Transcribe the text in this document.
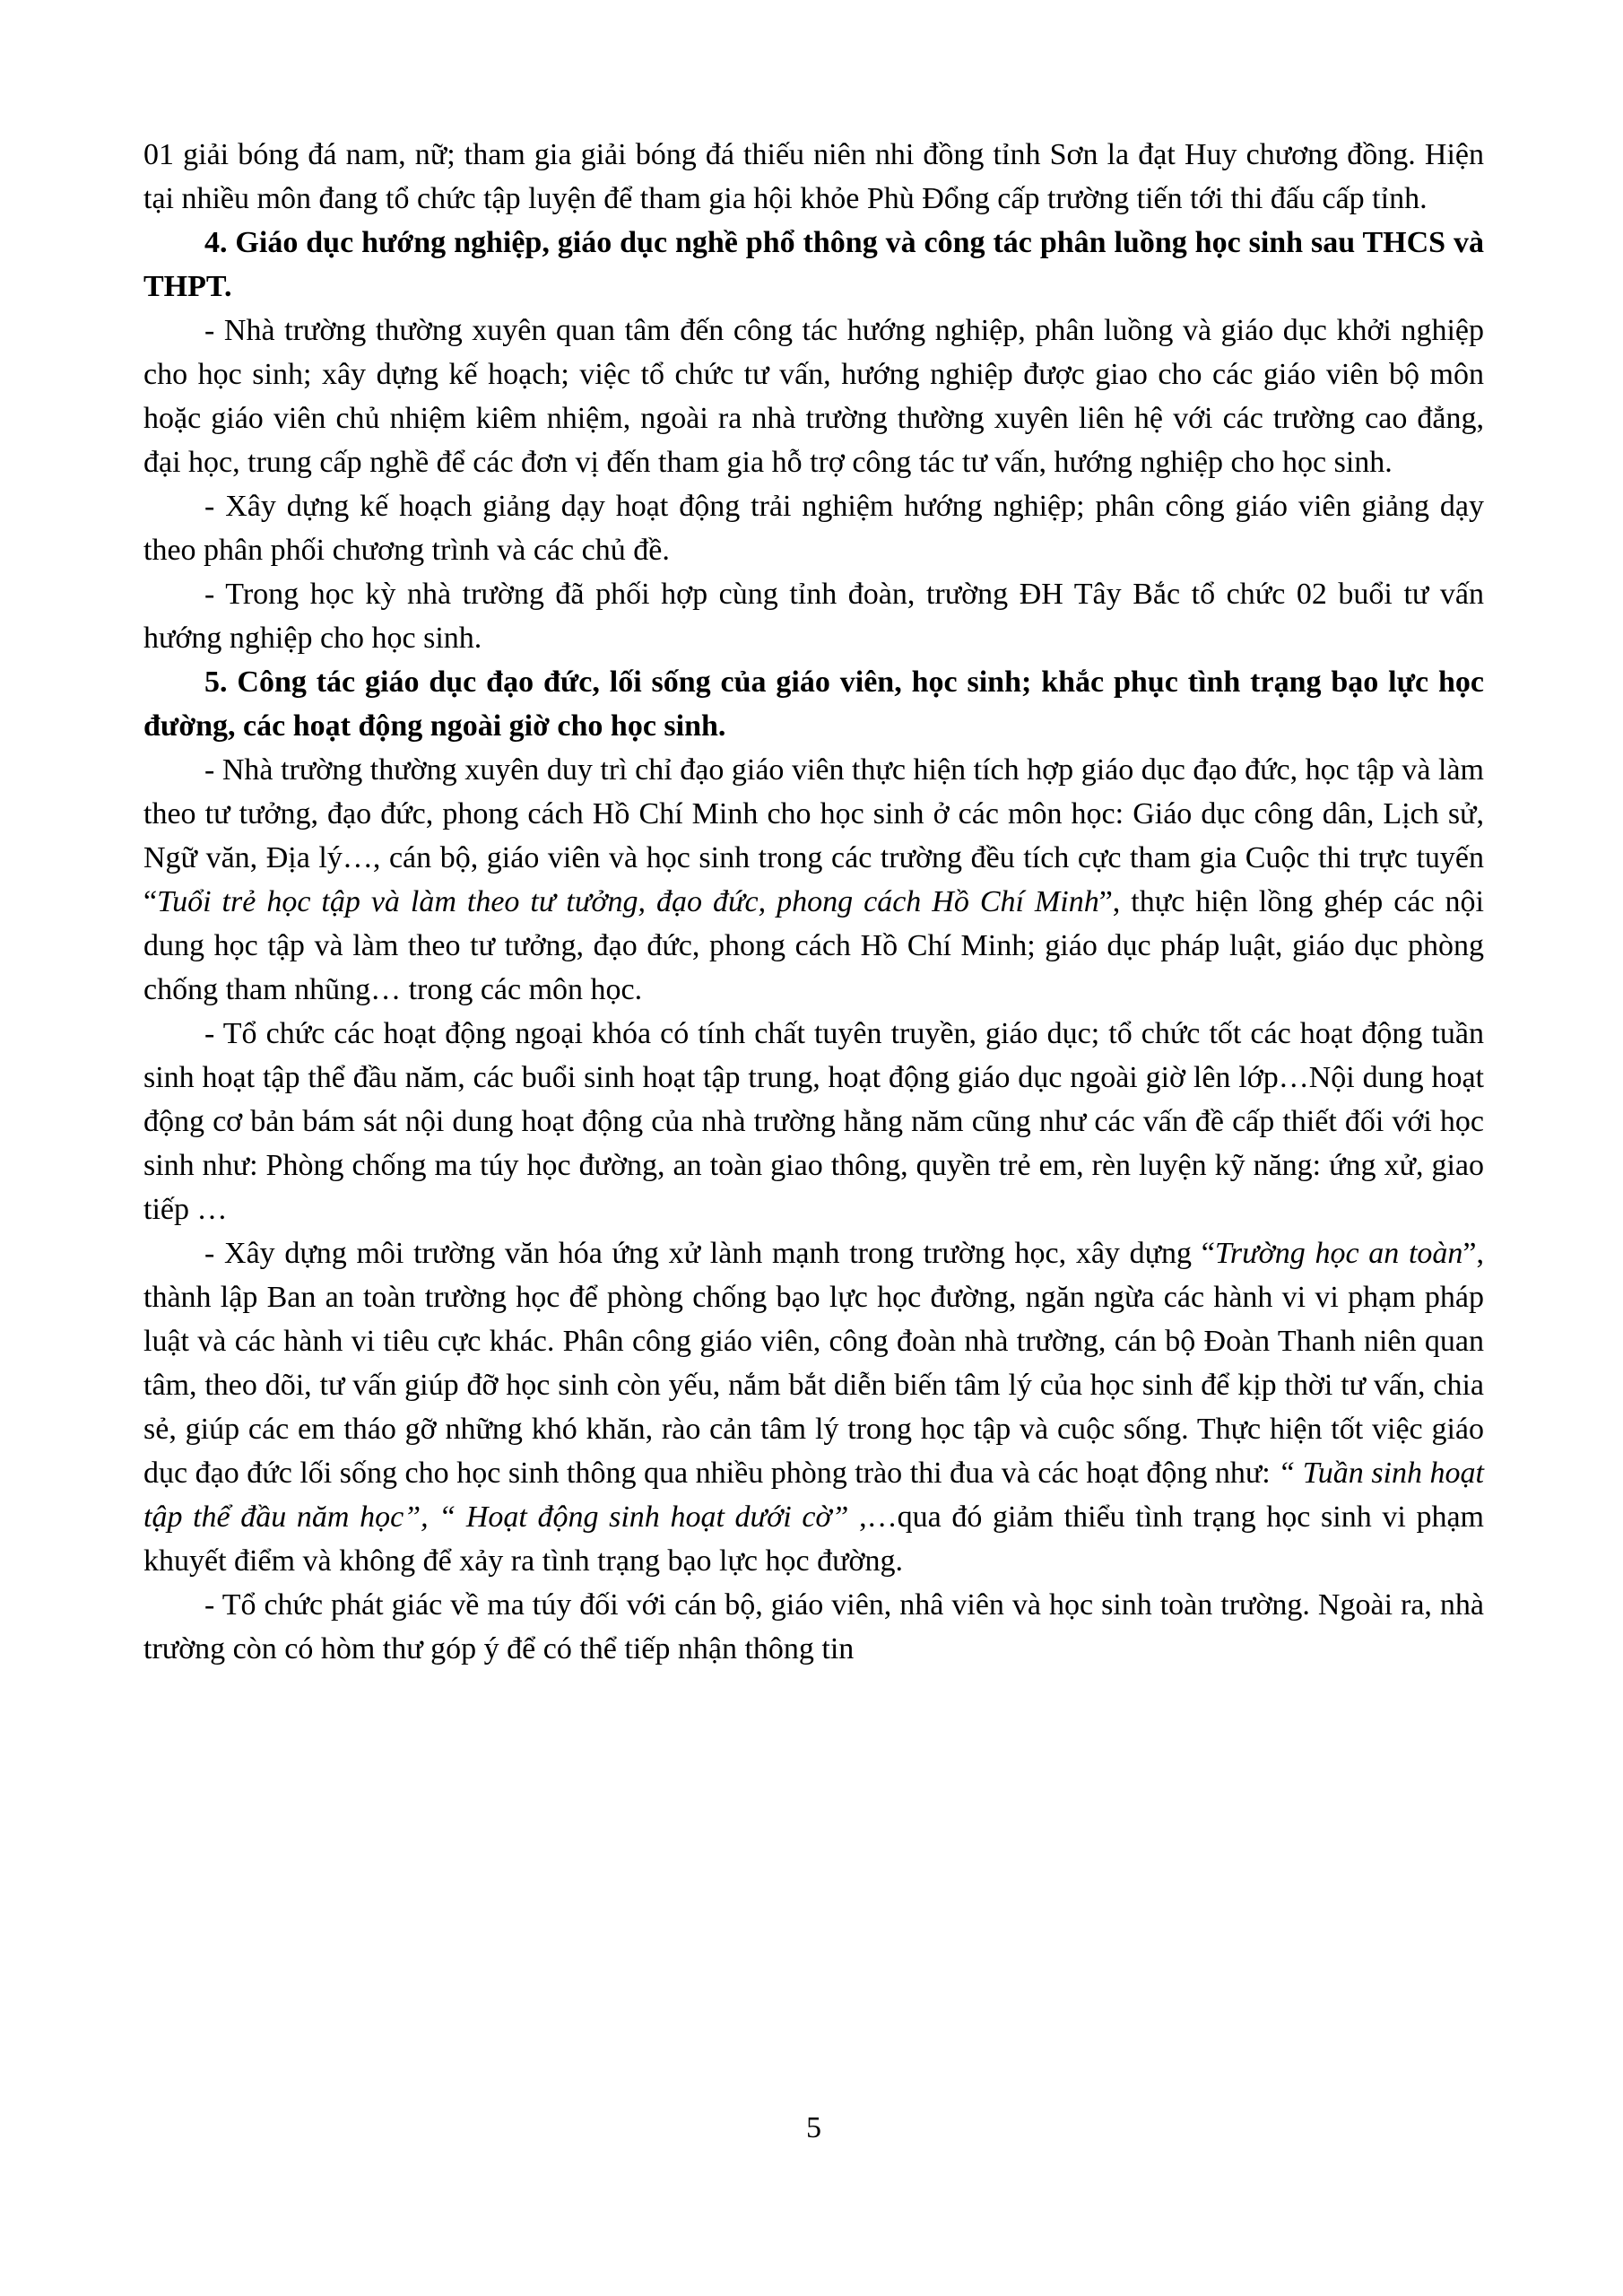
01 giải bóng đá nam, nữ; tham gia giải bóng đá thiếu niên nhi đồng tỉnh Sơn la đạt Huy chương đồng. Hiện tại nhiều môn đang tổ chức tập luyện để tham gia hội khỏe Phù Đổng cấp trường tiến tới thi đấu cấp tỉnh.

4. Giáo dục hướng nghiệp, giáo dục nghề phổ thông và công tác phân luồng học sinh sau THCS và THPT.

- Nhà trường thường xuyên quan tâm đến công tác hướng nghiệp, phân luồng và giáo dục khởi nghiệp cho học sinh; xây dựng kế hoạch; việc tổ chức tư vấn, hướng nghiệp được giao cho các giáo viên bộ môn hoặc giáo viên chủ nhiệm kiêm nhiệm, ngoài ra nhà trường thường xuyên liên hệ với các trường cao đẳng, đại học, trung cấp nghề để các đơn vị đến tham gia hỗ trợ công tác tư vấn, hướng nghiệp cho học sinh.

- Xây dựng kế hoạch giảng dạy hoạt động trải nghiệm hướng nghiệp; phân công giáo viên giảng dạy theo phân phối chương trình và các chủ đề.

- Trong học kỳ nhà trường đã phối hợp cùng tỉnh đoàn, trường ĐH Tây Bắc tổ chức 02 buổi tư vấn hướng nghiệp cho học sinh.

5. Công tác giáo dục đạo đức, lối sống của giáo viên, học sinh; khắc phục tình trạng bạo lực học đường, các hoạt động ngoài giờ cho học sinh.

- Nhà trường thường xuyên duy trì chỉ đạo giáo viên thực hiện tích hợp giáo dục đạo đức, học tập và làm theo tư tưởng, đạo đức, phong cách Hồ Chí Minh cho học sinh ở các môn học: Giáo dục công dân, Lịch sử, Ngữ văn, Địa lý…, cán bộ, giáo viên và học sinh trong các trường đều tích cực tham gia Cuộc thi trực tuyến “Tuổi trẻ học tập và làm theo tư tưởng, đạo đức, phong cách Hồ Chí Minh”, thực hiện lồng ghép các nội dung học tập và làm theo tư tưởng, đạo đức, phong cách Hồ Chí Minh; giáo dục pháp luật, giáo dục phòng chống tham nhũng… trong các môn học.

- Tổ chức các hoạt động ngoại khóa có tính chất tuyên truyền, giáo dục; tổ chức tốt các hoạt động tuần sinh hoạt tập thể đầu năm, các buổi sinh hoạt tập trung, hoạt động giáo dục ngoài giờ lên lớp…Nội dung hoạt động cơ bản bám sát nội dung hoạt động của nhà trường hằng năm cũng như các vấn đề cấp thiết đối với học sinh như: Phòng chống ma túy học đường, an toàn giao thông, quyền trẻ em, rèn luyện kỹ năng: ứng xử, giao tiếp …

- Xây dựng môi trường văn hóa ứng xử lành mạnh trong trường học, xây dựng “Trường học an toàn”, thành lập Ban an toàn trường học để phòng chống bạo lực học đường, ngăn ngừa các hành vi vi phạm pháp luật và các hành vi tiêu cực khác. Phân công giáo viên, công đoàn nhà trường, cán bộ Đoàn Thanh niên quan tâm, theo dõi, tư vấn giúp đỡ học sinh còn yếu, nắm bắt diễn biến tâm lý của học sinh để kịp thời tư vấn, chia sẻ, giúp các em tháo gỡ những khó khăn, rào cản tâm lý trong học tập và cuộc sống. Thực hiện tốt việc giáo dục đạo đức lối sống cho học sinh thông qua nhiều phòng trào thi đua và các hoạt động như: “ Tuần sinh hoạt tập thể đầu năm học”, “ Hoạt động sinh hoạt dưới cờ” ,…qua đó giảm thiểu tình trạng học sinh vi phạm khuyết điểm và không để xảy ra tình trạng bạo lực học đường.

- Tổ chức phát giác về ma túy đối với cán bộ, giáo viên, nhâ viên và học sinh toàn trường. Ngoài ra, nhà trường còn có hòm thư góp ý để có thể tiếp nhận thông tin

5
